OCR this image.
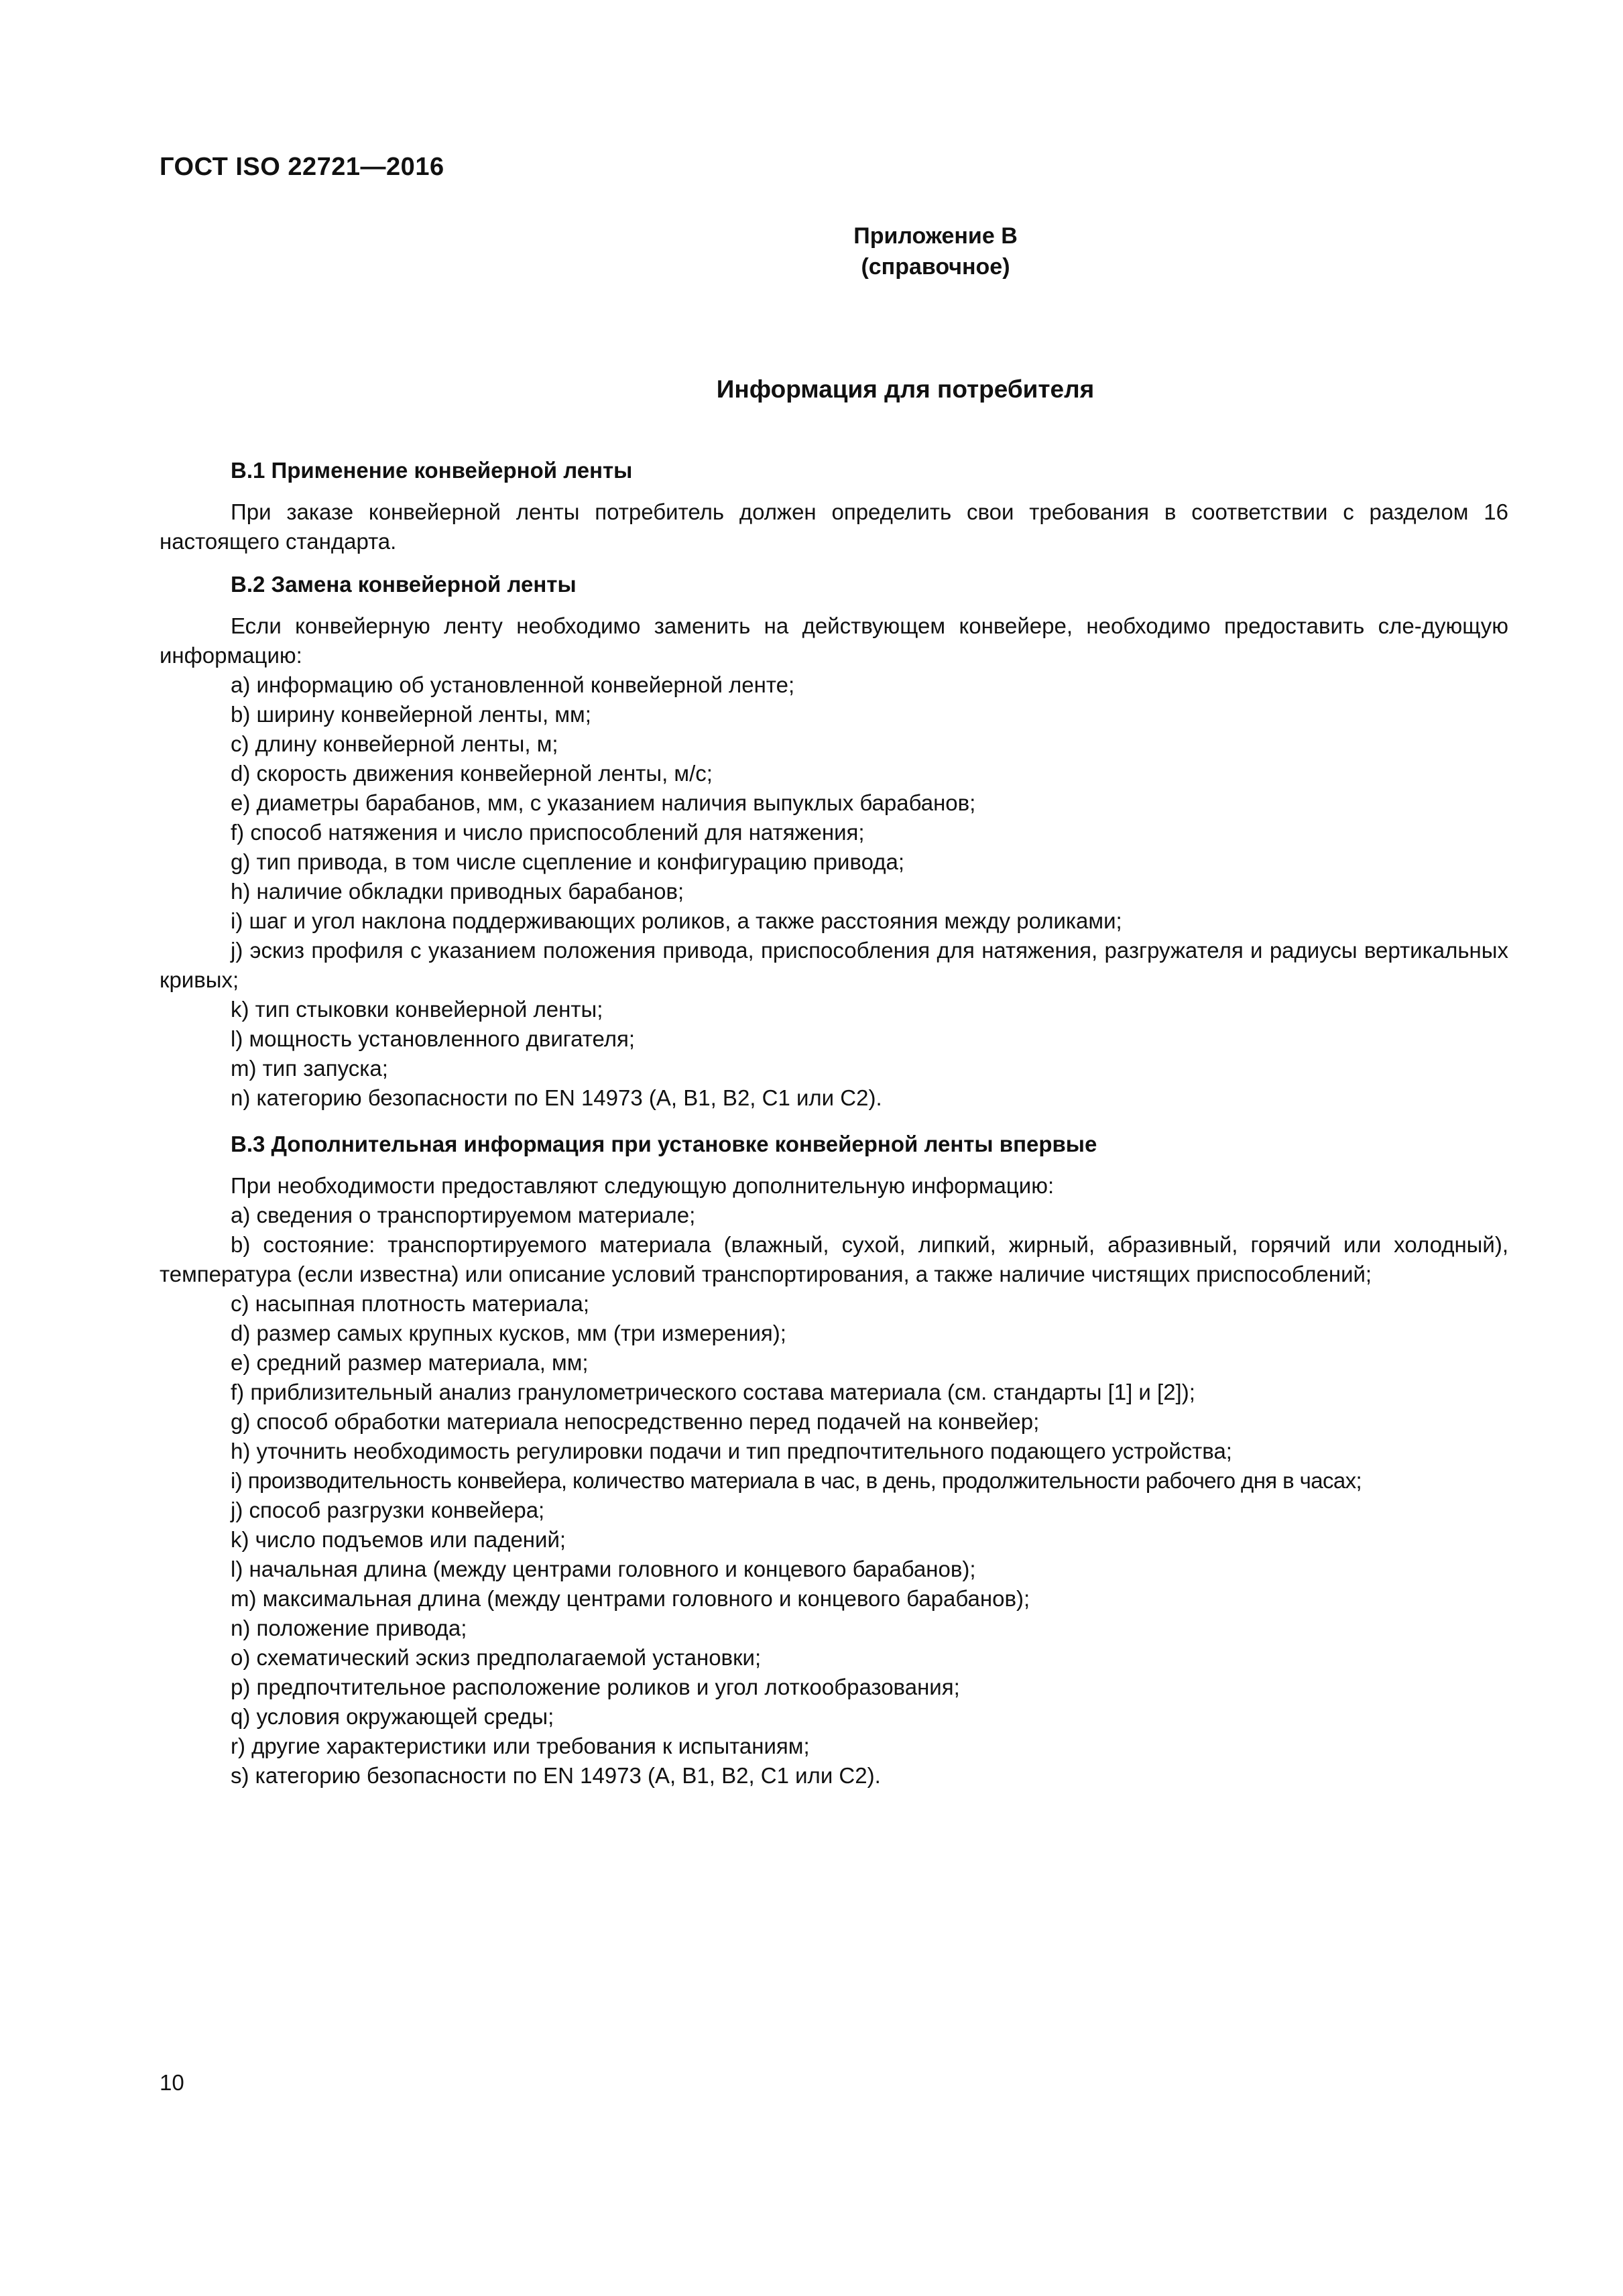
ГОСТ ISO 22721—2016
Приложение В
(справочное)
Информация для потребителя

В.1 Применение конвейерной ленты

При заказе конвейерной ленты потребитель должен определить свои требования в соответствии с разделом 16 настоящего стандарта.

В.2 Замена конвейерной ленты

Если конвейерную ленту необходимо заменить на действующем конвейере, необходимо предоставить сле-дующую информацию:

а) информацию об установленной конвейерной ленте;

b) ширину конвейерной ленты, мм;

c) длину конвейерной ленты, м;

d) скорость движения конвейерной ленты, м/с;

e) диаметры барабанов, мм, с указанием наличия выпуклых барабанов;

f) способ натяжения и число приспособлений для натяжения;

g) тип привода, в том числе сцепление и конфигурацию привода;

h) наличие обкладки приводных барабанов;

i) шаг и угол наклона поддерживающих роликов, а также расстояния между роликами;

j) эскиз профиля с указанием положения привода, приспособления для натяжения, разгружателя и радиусы вертикальных кривых;

k) тип стыковки конвейерной ленты;

l) мощность установленного двигателя;

m) тип запуска;

n) категорию безопасности по EN 14973 (A, B1, B2, C1 или C2).

В.3 Дополнительная информация при установке конвейерной ленты впервые

При необходимости предоставляют следующую дополнительную информацию:

a) сведения о транспортируемом материале;

b) состояние: транспортируемого материала (влажный, сухой, липкий, жирный, абразивный, горячий или холодный), температура (если известна) или описание условий транспортирования, а также наличие чистящих приспособлений;

c) насыпная плотность материала;

d) размер самых крупных кусков, мм (три измерения);

e) средний размер материала, мм;

f) приблизительный анализ гранулометрического состава материала (см. стандарты [1] и [2]);

g) способ обработки материала непосредственно перед подачей на конвейер;

h) уточнить необходимость регулировки подачи и тип предпочтительного подающего устройства;

i) производительность конвейера, количество материала в час, в день, продолжительности рабочего дня в часах;

j) способ разгрузки конвейера;

k) число подъемов или падений;

l) начальная длина (между центрами головного и концевого барабанов);

m) максимальная длина (между центрами головного и концевого барабанов);

n) положение привода;

o) схематический эскиз предполагаемой установки;

p) предпочтительное расположение роликов и угол лоткообразования;

q) условия окружающей среды;

r) другие характеристики или требования к испытаниям;

s) категорию безопасности по EN 14973 (A, B1, B2, C1 или C2).

10
